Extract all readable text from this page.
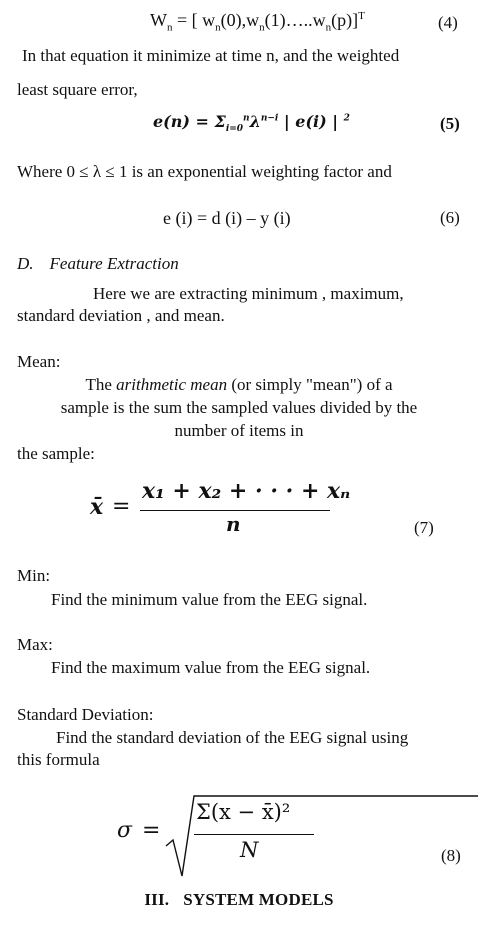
$W_n$ = [ $w_n(0),w_n(1)\dots..w_n(p)]^T$	(4)
In that equation it minimize at time n, and the weighted
least square error,
$e(n) = \Sigma_{i=0}^n\lambda^{n-i}$ | e(i) | $^2$	(5)
Where 0 ≤ λ ≤ 1 is an exponential weighting factor and
e (i) = d (i) – y (i)	(6)
D. Feature Extraction
Here we are extracting minimum , maximum,
standard deviation , and mean.
Mean:
The arithmetic mean (or simply "mean") of a
sample is the sum the sampled values divided by the
number of items in
the sample:
x̄ =
x₁ + x₂ + · · · + xₙ
n	(7)
Min:
Find the minimum value from the EEG signal.
Max:
Find the maximum value from the EEG signal.
Standard Deviation:
Find the standard deviation of the EEG signal using
this formula
σ =
Σ(x − x̄)²
N	(8)
III. SYSTEM MODELS
